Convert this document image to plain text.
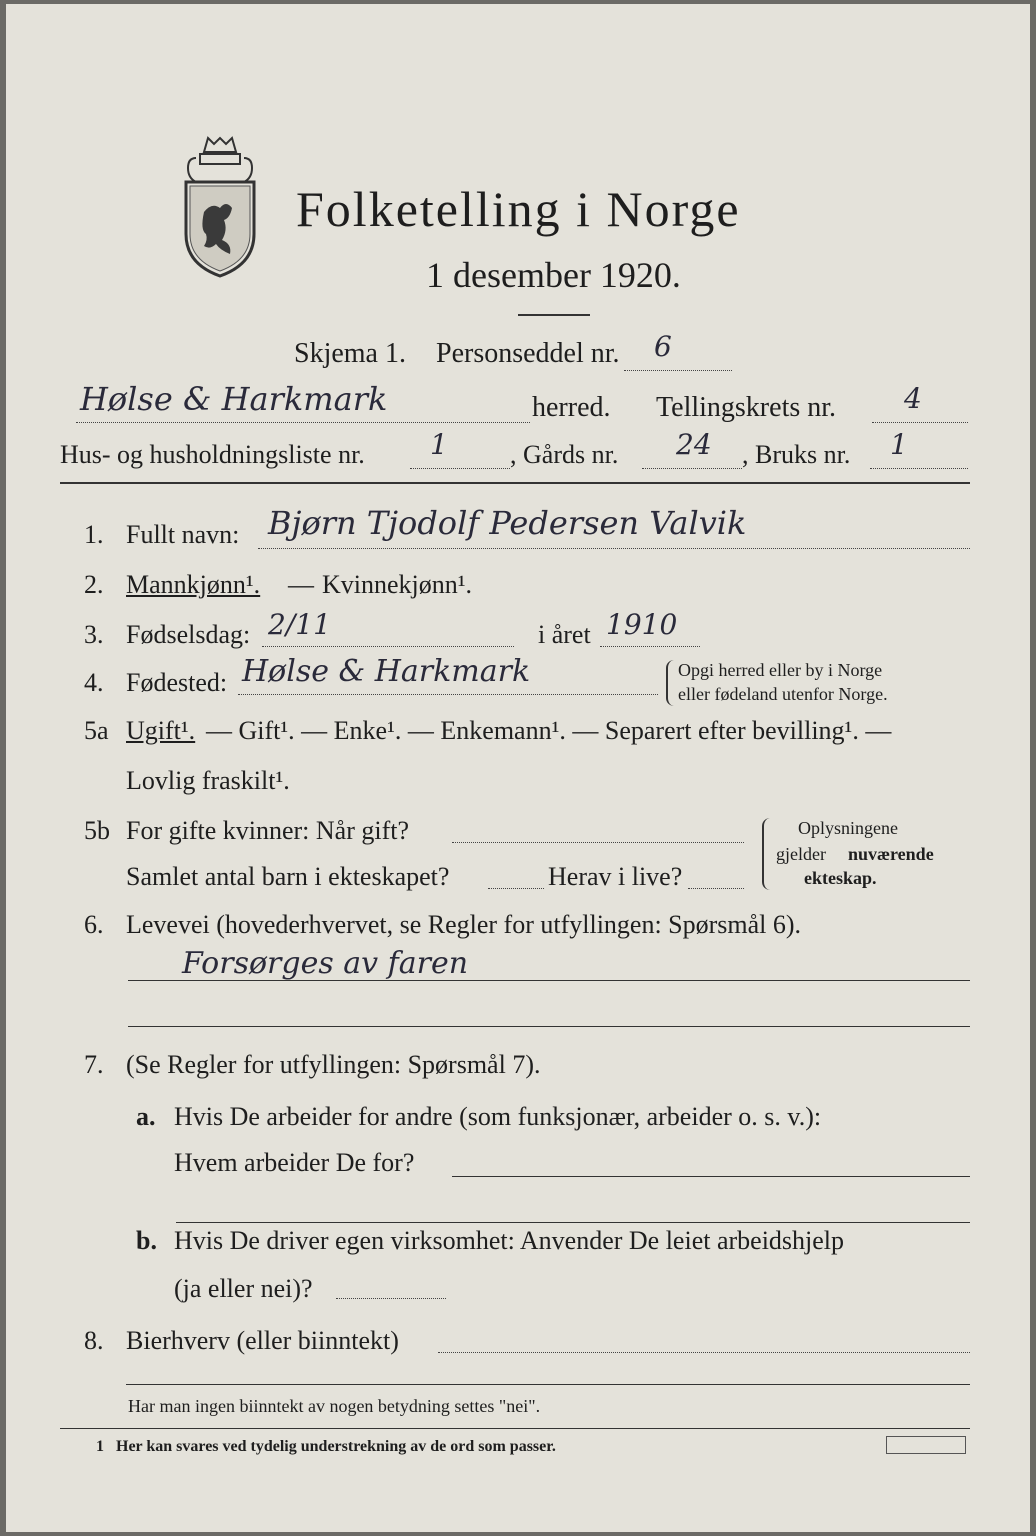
Folketelling i Norge
1 desember 1920.
Skjema 1. Personseddel nr. 6
Hølse & Harkmark	herred. Tellingskrets nr. 4
Hus- og husholdningsliste nr. 1 , Gårds nr. 24 , Bruks nr. 1
1. Fullt navn: Bjørn Tjodolf Pedersen Valvik
2. Mannkjønn¹. — Kvinnekjønn¹.
3. Fødselsdag: 2/11	i året 1910
4. Fødested: Hølse & Harkmark	Opgi herred eller by i Norge
eller fødeland utenfor Norge.
5a Ugift¹. — Gift¹. — Enke¹. — Enkemann¹. — Separert efter bevilling¹. —
Lovlig fraskilt¹.
5b For gifte kvinner: Når gift?
Samlet antal barn i ekteskapet?	Herav i live?
Oplysningene
gjelder nuværende
ekteskap.
6. Levevei (hovederhvervet, se Regler for utfyllingen: Spørsmål 6).
Forsørges av faren
7. (Se Regler for utfyllingen: Spørsmål 7).
a. Hvis De arbeider for andre (som funksjonær, arbeider o. s. v.):
Hvem arbeider De for?
b. Hvis De driver egen virksomhet: Anvender De leiet arbeidshjelp
(ja eller nei)?
8. Bierhverv (eller biinntekt)
Har man ingen biinntekt av nogen betydning settes "nei".
1 Her kan svares ved tydelig understrekning av de ord som passer.
